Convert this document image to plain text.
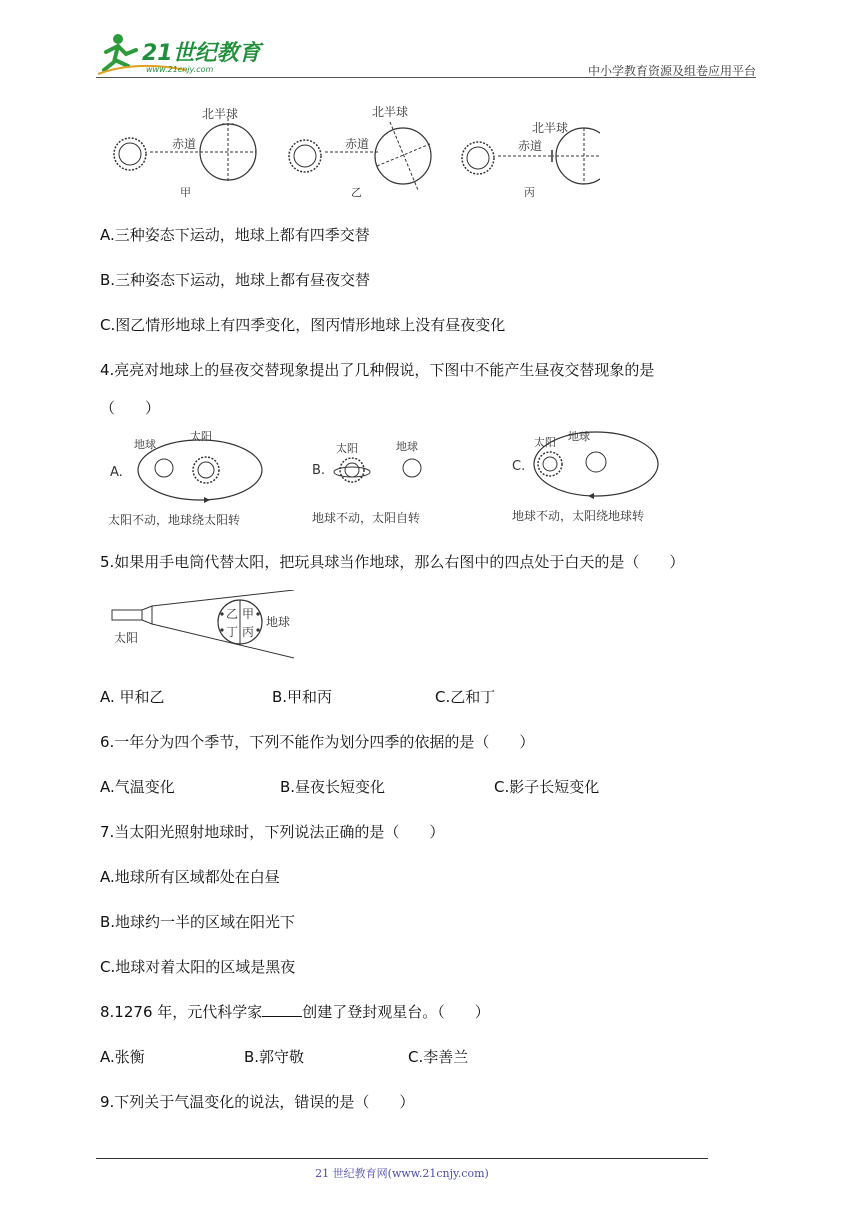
21世纪教育
www.21cnjy.com	中小学教育资源及组卷应用平台
赤道
北半球
甲
赤道
北半球
乙
赤道
北半球
丙
A.三种姿态下运动，地球上都有四季交替
B.三种姿态下运动，地球上都有昼夜交替
C.图乙情形地球上有四季变化，图丙情形地球上没有昼夜变化
4.亮亮对地球上的昼夜交替现象提出了几种假说，下图中不能产生昼夜交替现象的是
（　　）
A.
地球
太阳
太阳不动，地球绕太阳转
B.
太阳	地球
地球不动，太阳自转
C.
太阳 地球
地球不动，太阳绕地球转
5.如果用手电筒代替太阳，把玩具球当作地球，那么右图中的四点处于白天的是（　　）
乙 甲
丁 丙
太阳
地球
A. 甲和乙	B.甲和丙	C.乙和丁
6.一年分为四个季节，下列不能作为划分四季的依据的是（　　）
A.气温变化	B.昼夜长短变化	C.影子长短变化
7.当太阳光照射地球时，下列说法正确的是（　　）
A.地球所有区域都处在白昼
B.地球约一半的区域在阳光下
C.地球对着太阳的区域是黑夜
8.1276 年，元代科学家	创建了登封观星台。（　　）
A.张衡	B.郭守敬	C.李善兰
9.下列关于气温变化的说法，错误的是（　　）
21 世纪教育网(www.21cnjy.com)
